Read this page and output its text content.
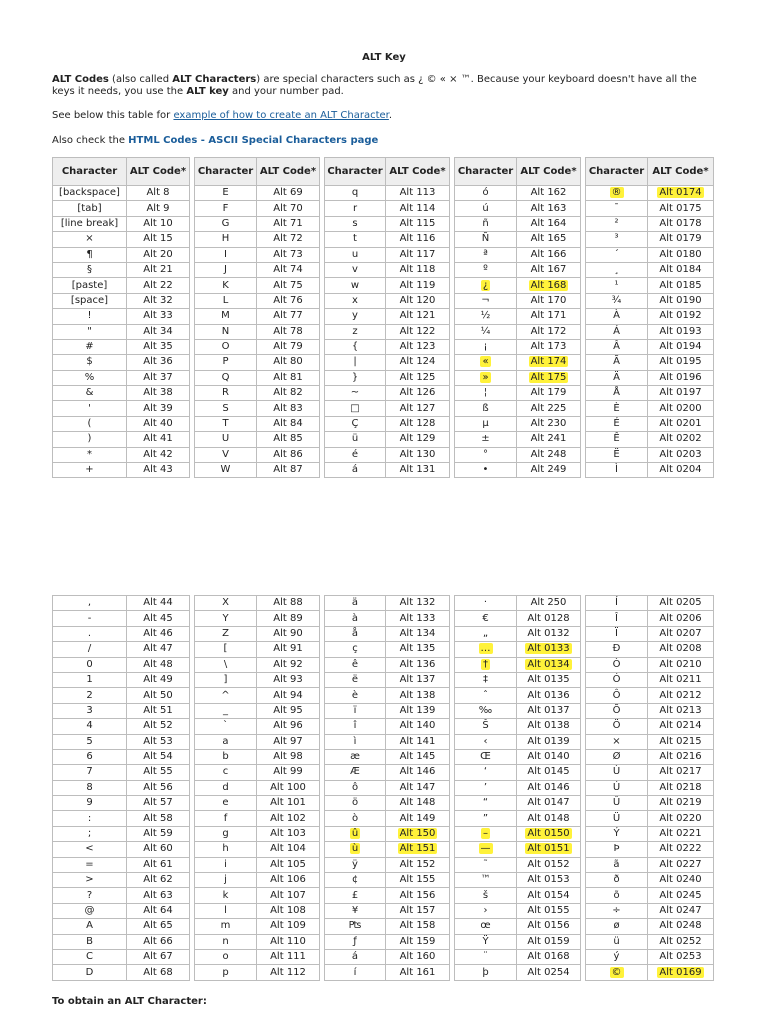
ALT Key
ALT Codes (also called ALT Characters) are special characters such as ¿ © « × ™. Because your keyboard doesn't have all the keys it needs, you use the ALT key and your number pad.
See below this table for example of how to create an ALT Character.
Also check the HTML Codes - ASCII Special Characters page
Character	ALT Code*		Character	ALT Code*		Character	ALT Code*		Character	ALT Code*		Character	ALT Code*
[backspace]	Alt 8		E	Alt 69		q	Alt 113		ó	Alt 162		®	Alt 0174
[tab]	Alt 9		F	Alt 70		r	Alt 114		ú	Alt 163		¯	Alt 0175
[line break]	Alt 10		G	Alt 71		s	Alt 115		ñ	Alt 164		²	Alt 0178
×	Alt 15		H	Alt 72		t	Alt 116		Ñ	Alt 165		³	Alt 0179
¶	Alt 20		I	Alt 73		u	Alt 117		ª	Alt 166		´	Alt 0180
§	Alt 21		J	Alt 74		v	Alt 118		º	Alt 167		¸	Alt 0184
[paste]	Alt 22		K	Alt 75		w	Alt 119		¿	Alt 168		¹	Alt 0185
[space]	Alt 32		L	Alt 76		x	Alt 120		¬	Alt 170		¾	Alt 0190
!	Alt 33		M	Alt 77		y	Alt 121		½	Alt 171		À	Alt 0192
"	Alt 34		N	Alt 78		z	Alt 122		¼	Alt 172		Á	Alt 0193
#	Alt 35		O	Alt 79		{	Alt 123		¡	Alt 173		Â	Alt 0194
$	Alt 36		P	Alt 80		|	Alt 124		«	Alt 174		Ã	Alt 0195
%	Alt 37		Q	Alt 81		}	Alt 125		»	Alt 175		Ä	Alt 0196
&	Alt 38		R	Alt 82		~	Alt 126		¦	Alt 179		Å	Alt 0197
'	Alt 39		S	Alt 83		□	Alt 127		ß	Alt 225		È	Alt 0200
(	Alt 40		T	Alt 84		Ç	Alt 128		µ	Alt 230		É	Alt 0201
)	Alt 41		U	Alt 85		ü	Alt 129		±	Alt 241		Ê	Alt 0202
*	Alt 42		V	Alt 86		é	Alt 130		°	Alt 248		Ë	Alt 0203
+	Alt 43		W	Alt 87		á	Alt 131		•	Alt 249		Ì	Alt 0204
,	Alt 44		X	Alt 88		ä	Alt 132		·	Alt 250		Í	Alt 0205
-	Alt 45		Y	Alt 89		à	Alt 133		€	Alt 0128		Î	Alt 0206
.	Alt 46		Z	Alt 90		å	Alt 134		„	Alt 0132		Ï	Alt 0207
/	Alt 47		[	Alt 91		ç	Alt 135		…	Alt 0133		Ð	Alt 0208
0	Alt 48		\	Alt 92		ê	Alt 136		†	Alt 0134		Ò	Alt 0210
1	Alt 49		]	Alt 93		ë	Alt 137		‡	Alt 0135		Ó	Alt 0211
2	Alt 50		^	Alt 94		è	Alt 138		ˆ	Alt 0136		Ô	Alt 0212
3	Alt 51		_	Alt 95		ï	Alt 139		‰	Alt 0137		Õ	Alt 0213
4	Alt 52		`	Alt 96		î	Alt 140		Š	Alt 0138		Ö	Alt 0214
5	Alt 53		a	Alt 97		ì	Alt 141		‹	Alt 0139		×	Alt 0215
6	Alt 54		b	Alt 98		æ	Alt 145		Œ	Alt 0140		Ø	Alt 0216
7	Alt 55		c	Alt 99		Æ	Alt 146		‘	Alt 0145		Ù	Alt 0217
8	Alt 56		d	Alt 100		ô	Alt 147		’	Alt 0146		Ú	Alt 0218
9	Alt 57		e	Alt 101		ö	Alt 148		“	Alt 0147		Û	Alt 0219
:	Alt 58		f	Alt 102		ò	Alt 149		”	Alt 0148		Ü	Alt 0220
;	Alt 59		g	Alt 103		û	Alt 150		–	Alt 0150		Ý	Alt 0221
<	Alt 60		h	Alt 104		ù	Alt 151		—	Alt 0151		Þ	Alt 0222
=	Alt 61		i	Alt 105		ÿ	Alt 152		˜	Alt 0152		ã	Alt 0227
>	Alt 62		j	Alt 106		¢	Alt 155		™	Alt 0153		ð	Alt 0240
?	Alt 63		k	Alt 107		£	Alt 156		š	Alt 0154		õ	Alt 0245
@	Alt 64		l	Alt 108		¥	Alt 157		›	Alt 0155		÷	Alt 0247
A	Alt 65		m	Alt 109		₧	Alt 158		œ	Alt 0156		ø	Alt 0248
B	Alt 66		n	Alt 110		ƒ	Alt 159		Ÿ	Alt 0159		ü	Alt 0252
C	Alt 67		o	Alt 111		á	Alt 160		¨	Alt 0168		ý	Alt 0253
D	Alt 68		p	Alt 112		í	Alt 161		þ	Alt 0254		©	Alt 0169
To obtain an ALT Character:
